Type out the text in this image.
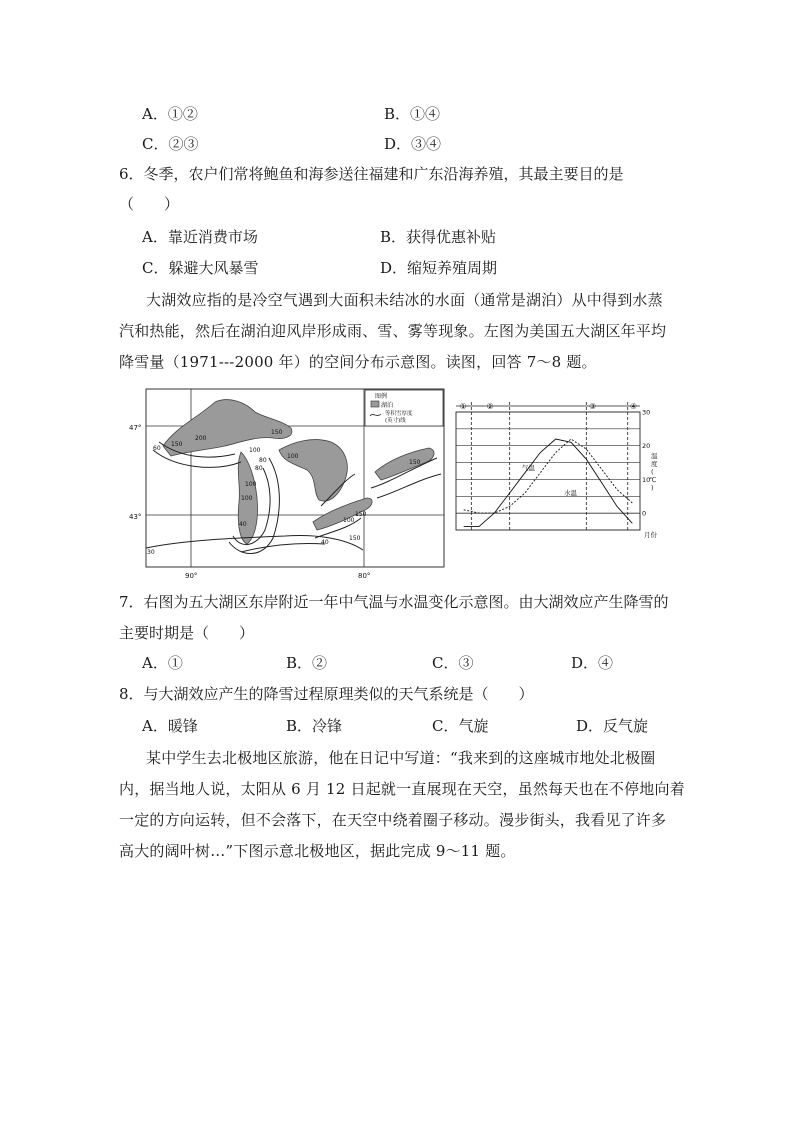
A．①②	B．①④
C．②③	D．③④
6．冬季，农户们常将鲍鱼和海参送往福建和广东沿海养殖，其最主要目的是
（　　）
A．靠近消费市场	B．获得优惠补贴
C．躲避大风暴雪	D．缩短养殖周期
大湖效应指的是冷空气遇到大面积未结冰的水面（通常是湖泊）从中得到水蒸
汽和热能，然后在湖泊迎风岸形成雨、雪、雾等现象。左图为美国五大湖区年平均
降雪量（1971---2000 年）的空间分布示意图。读图，回答 7～8 题。
60
150
200
150
100
80
80
100
100
40
100
150
100
150
150
30
40
47°
43°
90°	80°
图例
湖泊
等积雪厚度
(英寸)线
① ②	③	④
30
20
10
0
气温
水温
月份
温
度
(
℃
)
7．右图为五大湖区东岸附近一年中气温与水温变化示意图。由大湖效应产生降雪的
主要时期是（　　）
A．①	B．②	C．③	D．④
8．与大湖效应产生的降雪过程原理类似的天气系统是（　　）
A．暖锋	B．冷锋	C．气旋	D．反气旋
某中学生去北极地区旅游，他在日记中写道：“我来到的这座城市地处北极圈
内，据当地人说，太阳从 6 月 12 日起就一直展现在天空，虽然每天也在不停地向着
一定的方向运转，但不会落下，在天空中绕着圈子移动。漫步街头，我看见了许多
高大的阔叶树…”下图示意北极地区，据此完成 9～11 题。
